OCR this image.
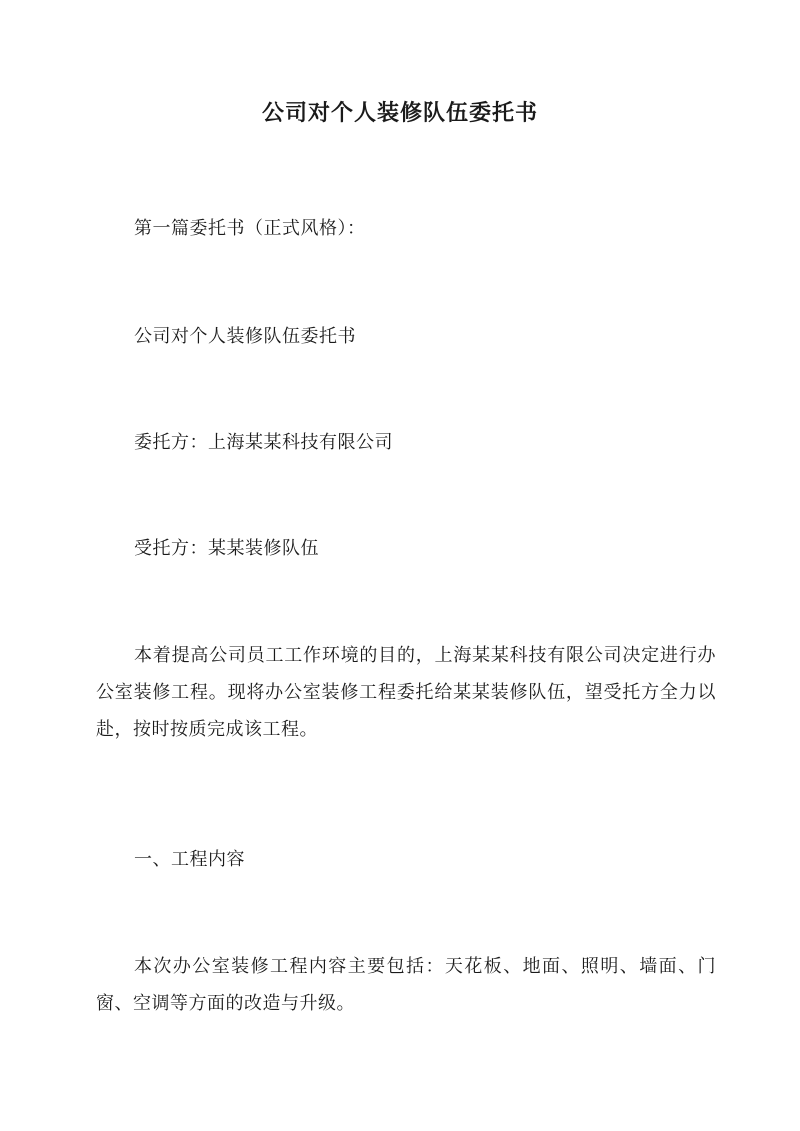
公司对个人装修队伍委托书

第一篇委托书（正式风格）：

公司对个人装修队伍委托书

委托方：上海某某科技有限公司

受托方：某某装修队伍

本着提高公司员工工作环境的目的，上海某某科技有限公司决定进行办公室装修工程。现将办公室装修工程委托给某某装修队伍，望受托方全力以赴，按时按质完成该工程。

一、工程内容

本次办公室装修工程内容主要包括：天花板、地面、照明、墙面、门窗、空调等方面的改造与升级。
